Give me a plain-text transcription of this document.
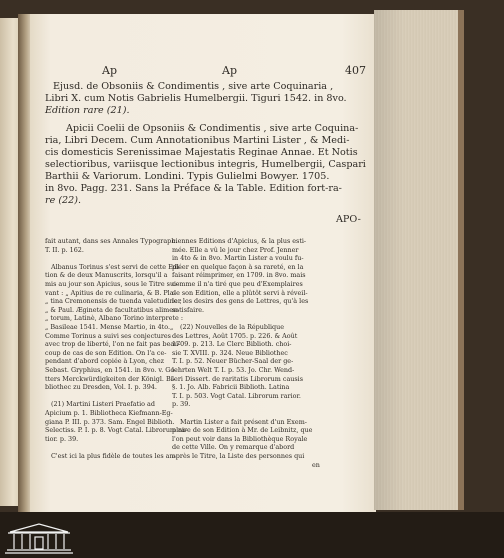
Ap	Ap	407
Ejusd. de Obsoniis & Condimentis , sive arte Coquinaria ,
Libri X. cum Notis Gabrielis Humelbergii. Tiguri 1542. in 8vo.
Edition rare (21).
Apicii Coelii de Opsoniis & Condimentis , sive arte Coquina-
ria, Libri Decem. Cum Annotationibus Martini Lister , & Medi-
cis domesticis Serenissimae Majestatis Reginae Annae. Et Notis
selectioribus, variisque lectionibus integris, Humelbergii, Caspari
Barthii & Variorum. Londini. Typis Gulielmi Bowyer. 1705.
in 8vo. Pagg. 231. Sans la Préface & la Table. Edition fort-ra-
re (22).
APO-
fait autant, dans ses Annales Typograph.
T. II. p. 162.
Albanus Torinus s'est servi de cette Edi-
tion & de deux Manuscrits, lorsqu'il a
mis au jour son Apicius, sous le Titre sui-
vant : „ Apitius de re culinaria, & B. Pla-
„ tina Cremonensis de tuenda valetudine ;
„ & Paul. Ægineta de facultatibus alimen-
„ torum, Latinè, Albano Torino interprete :
„ Basileae 1541. Mense Martio, in 4to.„
Comme Torinus a suivi ses conjectures
avec trop de liberté, l'on ne fait pas beau-
coup de cas de son Edition. On l'a ce-
pendant d'abord copiée à Lyon, chez
Sebast. Gryphius, en 1541. in 8vo. v. Go-
tters Merckwürdigkeiten der Königl. Bi-
bliothec zu Dresden, Vol. I. p. 394.
(21) Martini Listeri Praefatio ad
Apicium p. 1. Bibliotheca Kiefmann-Eg-
giana P. III. p. 373. Sam. Engel Biblioth.
Selectiss. P. I. p. 8. Vogt Catal. Librorum ra-
tior. p. 39.
C'est ici la plus fidèle de toutes les an-
ciennes Editions d'Apicius, & la plus esti-
mée. Elle a vû le jour chez Prof. Jenner
in 4to & in 8vo. Martin Lister a voulu fu-
pléer en quelque façon à sa rareté, en la
faisant réimprimer, en 1709. in 8vo. mais
comme il n'a tiré que peu d'Exemplaires
de son Edition, elle a plûtôt servi à réveil-
ler les desirs des gens de Lettres, qu'à les
satisfaire.
(22) Nouvelles de la République
des Lettres, Août 1705. p. 226. & Août
1709. p. 213. Le Clerc Biblioth. choi-
sie T. XVIII. p. 324. Neue Bibliothec
T. I. p. 52. Neuer Bücher-Saal der ge-
lehrten Welt T. I. p. 53. Jo. Chr. Wend-
leri Dissert. de raritatis Librorum causis
§. 1. Jo. Alb. Fabricii Biblioth. Latina
T. I. p. 503. Vogt Catal. Librorum rarior.
p. 39.
Martin Lister a fait présent d'un Exem-
plaire de son Edition à Mr. de Leibnitz, que
l'on peut voir dans la Bibliothèque Royale
de cette Ville. On y remarque d'abord
après le Titre, la Liste des personnes qui
en
